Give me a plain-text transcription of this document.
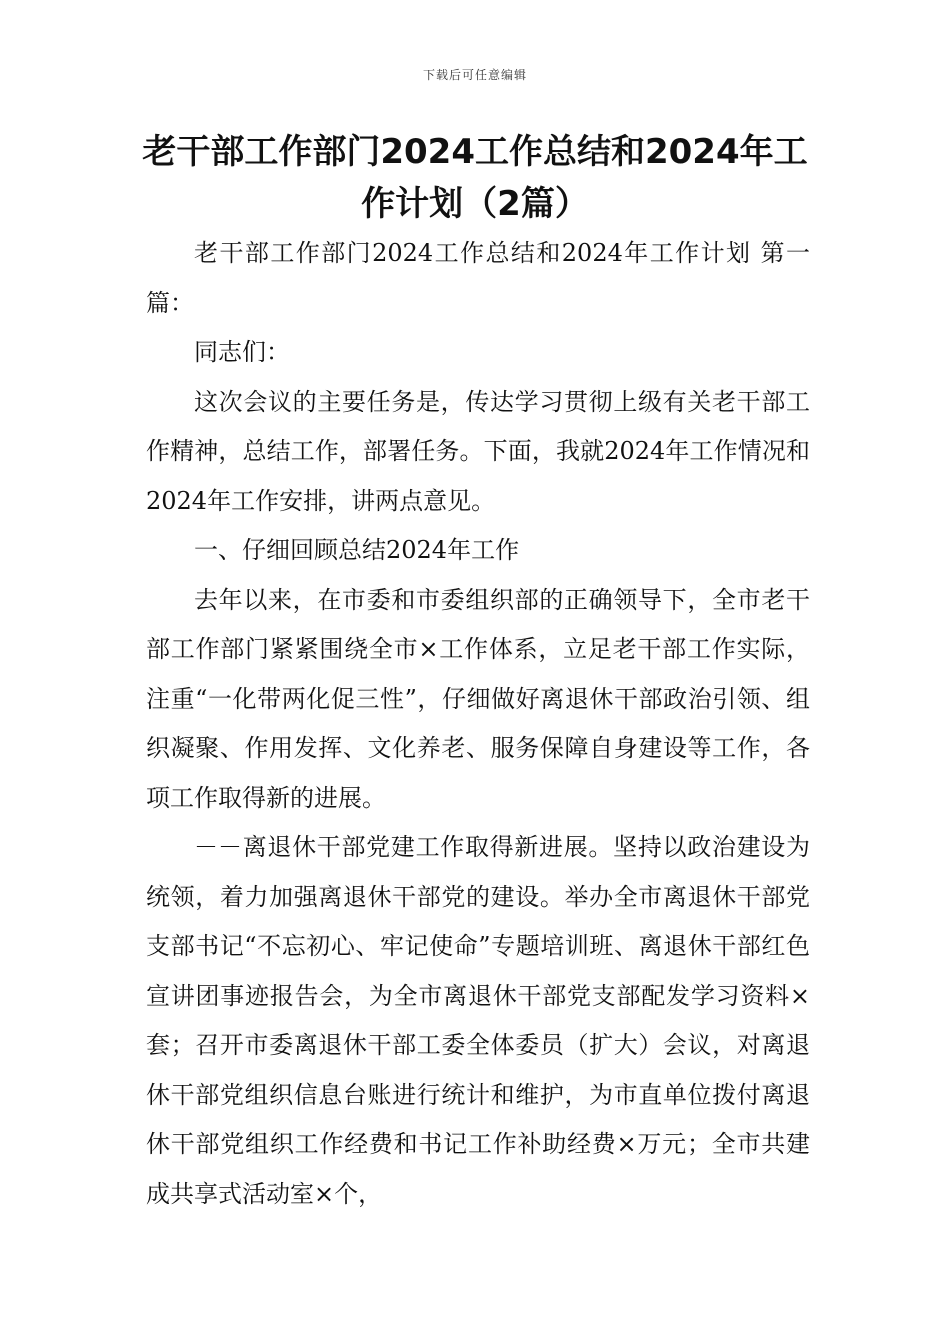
下载后可任意编辑
老干部工作部门2024工作总结和2024年工作计划（2篇）

老干部工作部门2024工作总结和2024年工作计划 第一篇：

同志们：

这次会议的主要任务是，传达学习贯彻上级有关老干部工作精神，总结工作，部署任务。下面，我就2024年工作情况和2024年工作安排，讲两点意见。

一、仔细回顾总结2024年工作

去年以来，在市委和市委组织部的正确领导下，全市老干部工作部门紧紧围绕全市×工作体系，立足老干部工作实际，注重“一化带两化促三性”，仔细做好离退休干部政治引领、组织凝聚、作用发挥、文化养老、服务保障自身建设等工作，各项工作取得新的进展。

－－离退休干部党建工作取得新进展。坚持以政治建设为统领，着力加强离退休干部党的建设。举办全市离退休干部党支部书记“不忘初心、牢记使命”专题培训班、离退休干部红色宣讲团事迹报告会，为全市离退休干部党支部配发学习资料×套；召开市委离退休干部工委全体委员（扩大）会议，对离退休干部党组织信息台账进行统计和维护，为市直单位拨付离退休干部党组织工作经费和书记工作补助经费×万元；全市共建成共享式活动室×个，
